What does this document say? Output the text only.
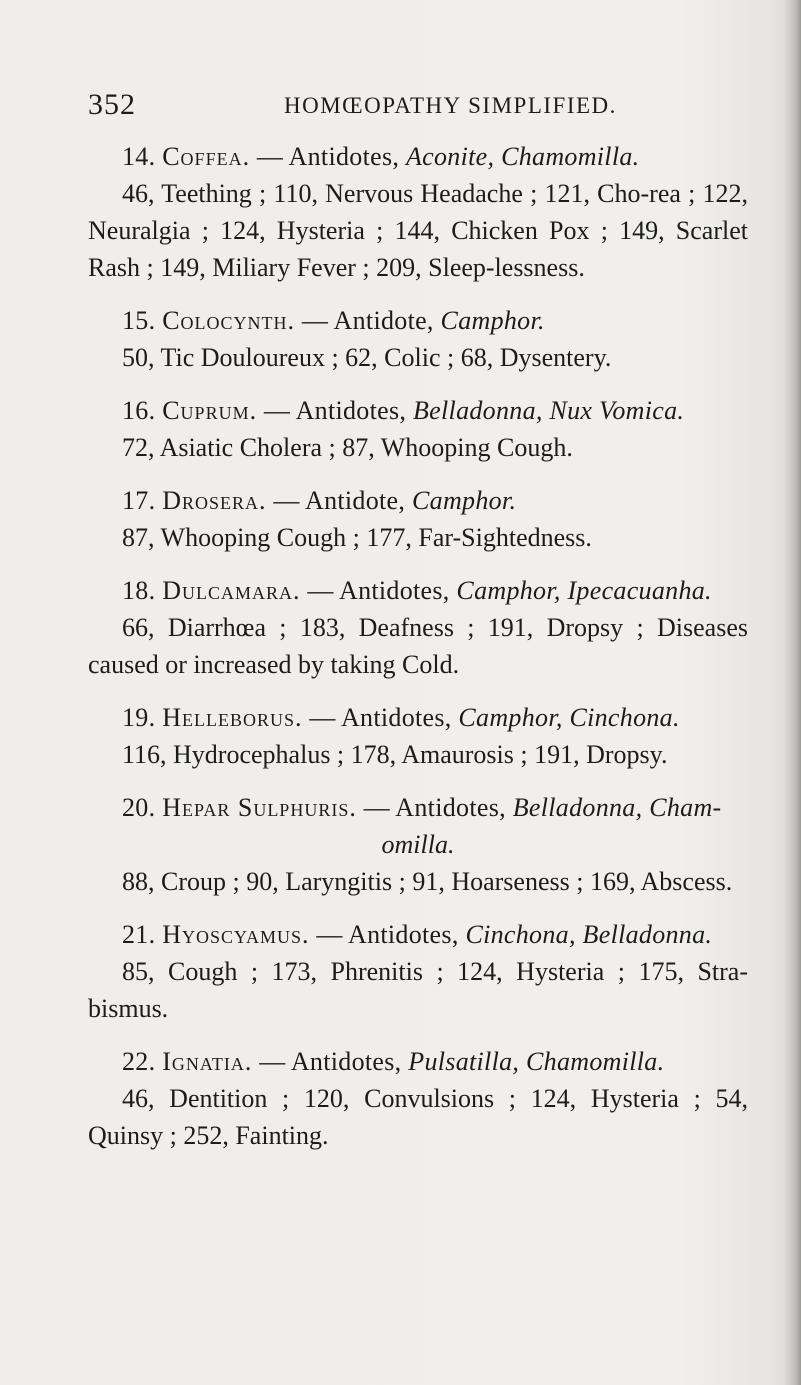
352	HOMŒOPATHY SIMPLIFIED.

14. Coffea. — Antidotes, Aconite, Chamomilla.

46, Teething ; 110, Nervous Headache ; 121, Cho-rea ; 122, Neuralgia ; 124, Hysteria ; 144, Chicken Pox ; 149, Scarlet Rash ; 149, Miliary Fever ; 209, Sleep-lessness.

15. Colocynth. — Antidote, Camphor.

50, Tic Douloureux ; 62, Colic ; 68, Dysentery.

16. Cuprum. — Antidotes, Belladonna, Nux Vomica.

72, Asiatic Cholera ; 87, Whooping Cough.

17. Drosera. — Antidote, Camphor.

87, Whooping Cough ; 177, Far-Sightedness.

18. Dulcamara. — Antidotes, Camphor, Ipecacuanha.

66, Diarrhœa ; 183, Deafness ; 191, Dropsy ; Diseases caused or increased by taking Cold.

19. Helleborus. — Antidotes, Camphor, Cinchona.

116, Hydrocephalus ; 178, Amaurosis ; 191, Dropsy.

20. Hepar Sulphuris. — Antidotes, Belladonna, Cham-

omilla.

88, Croup ; 90, Laryngitis ; 91, Hoarseness ; 169, Abscess.

21. Hyoscyamus. — Antidotes, Cinchona, Belladonna.

85, Cough ; 173, Phrenitis ; 124, Hysteria ; 175, Stra-bismus.

22. Ignatia. — Antidotes, Pulsatilla, Chamomilla.

46, Dentition ; 120, Convulsions ; 124, Hysteria ; 54, Quinsy ; 252, Fainting.
